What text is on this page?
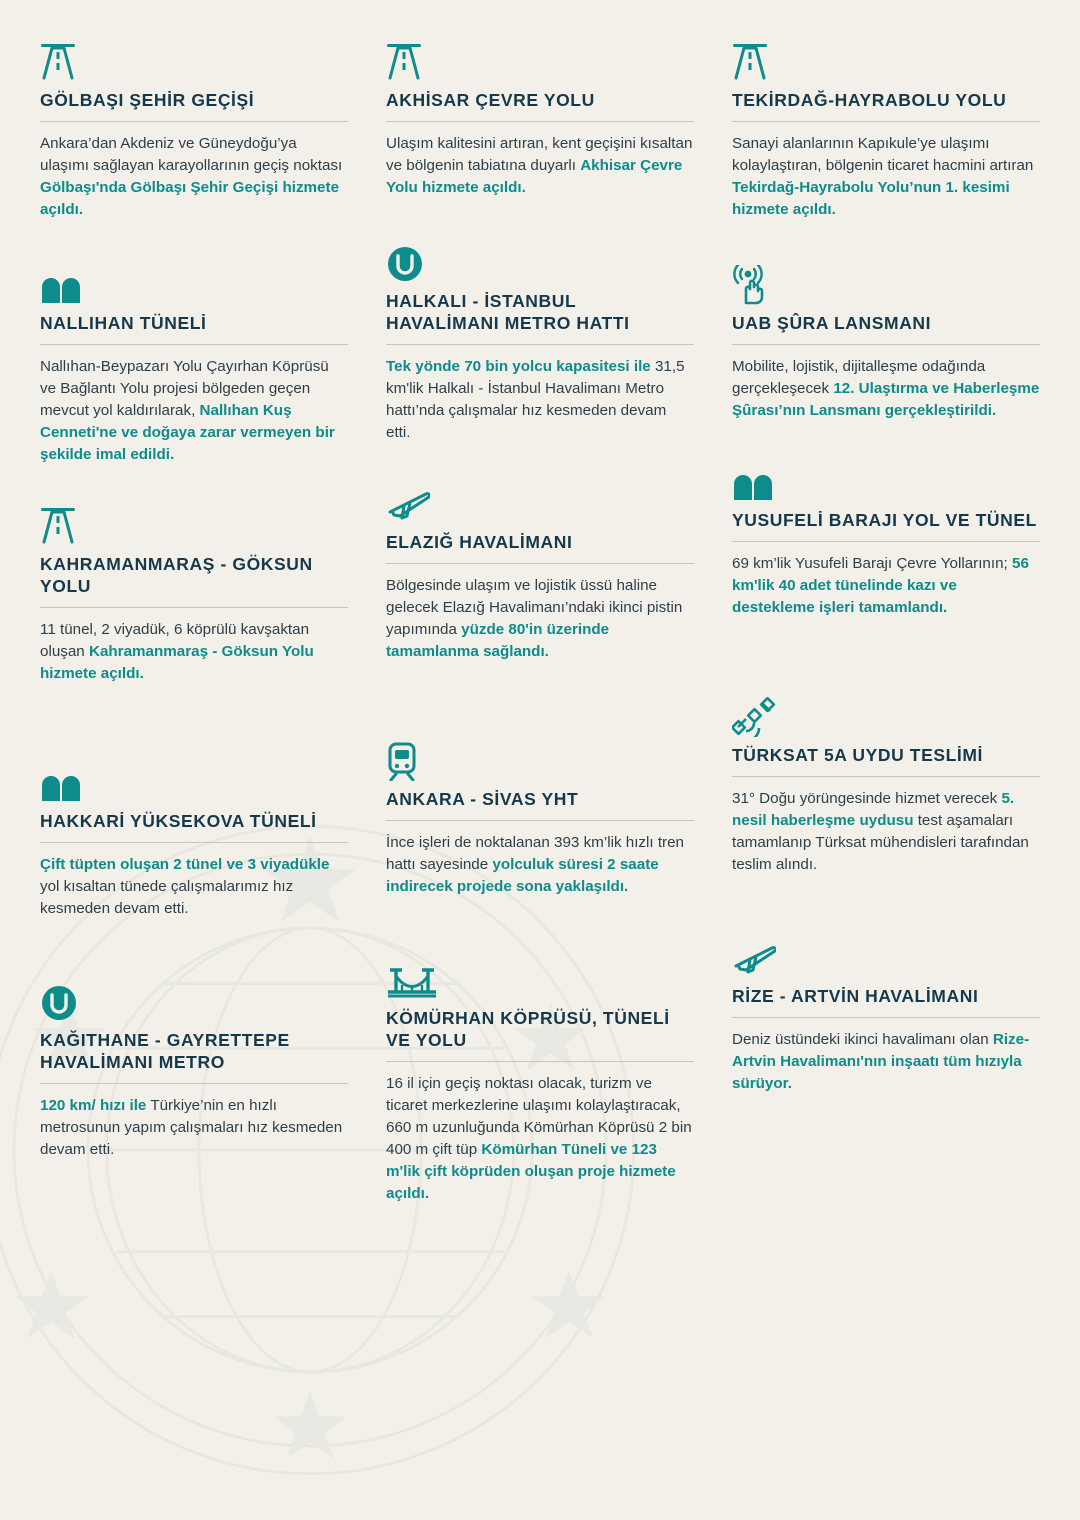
GÖLBAŞI ŞEHİR GEÇİŞİ
Ankara’dan Akdeniz ve Güneydoğu’ya ulaşımı sağlayan karayollarının geçiş noktası Gölbaşı'nda Gölbaşı Şehir Geçişi hizmete açıldı.
NALLIHAN TÜNELİ
Nallıhan-Beypazarı Yolu Çayırhan Köprüsü ve Bağlantı Yolu projesi bölgeden geçen mevcut yol kaldırılarak, Nallıhan Kuş Cenneti'ne ve doğaya zarar vermeyen bir şekilde imal edildi.
KAHRAMANMARAŞ - GÖKSUN YOLU
11 tünel, 2 viyadük, 6 köprülü kavşaktan oluşan Kahramanmaraş - Göksun Yolu hizmete açıldı.
HAKKARİ YÜKSEKOVA TÜNELİ
Çift tüpten oluşan 2 tünel ve 3 viyadükle yol kısaltan tünede çalışmalarımız hız kesmeden devam etti.
KAĞITHANE - GAYRETTEPE HAVALİMANI METRO
120 km/ hızı ile Türkiye’nin en hızlı metrosunun yapım çalışmaları hız kesmeden devam etti.
AKHİSAR ÇEVRE YOLU
Ulaşım kalitesini artıran, kent geçişini kısaltan ve bölgenin tabiatına duyarlı Akhisar Çevre Yolu hizmete açıldı.
HALKALI - İSTANBUL HAVALİMANI METRO HATTI
Tek yönde 70 bin yolcu kapasitesi ile 31,5 km'lik Halkalı - İstanbul Havalimanı Metro hattı’nda çalışmalar hız kesmeden devam etti.
ELAZIĞ HAVALİMANI
Bölgesinde ulaşım ve lojistik üssü haline gelecek Elazığ Havalimanı’ndaki ikinci pistin yapımında yüzde 80'in üzerinde tamamlanma sağlandı.
ANKARA - SİVAS YHT
İnce işleri de noktalanan 393 km’lik hızlı tren hattı sayesinde yolculuk süresi 2 saate indirecek projede sona yaklaşıldı.
KÖMÜRHAN KÖPRÜSÜ, TÜNELİ VE YOLU
16 il için geçiş noktası olacak, turizm ve ticaret merkezlerine ulaşımı kolaylaştıracak, 660 m uzunluğunda Kömürhan Köprüsü 2 bin 400 m çift tüp Kömürhan Tüneli ve 123 m'lik çift köprüden oluşan proje hizmete açıldı.
TEKİRDAĞ-HAYRABOLU YOLU
Sanayi alanlarının Kapıkule’ye ulaşımı kolaylaştıran, bölgenin ticaret hacmini artıran Tekirdağ-Hayrabolu Yolu’nun 1. kesimi hizmete açıldı.
UAB ŞÛRA LANSMANI
Mobilite, lojistik, dijitalleşme odağında gerçekleşecek 12. Ulaştırma ve Haberleşme Şûrası’nın Lansmanı gerçekleştirildi.
YUSUFELİ BARAJI YOL VE TÜNEL
69 km’lik Yusufeli Barajı Çevre Yollarının; 56 km'lik 40 adet tünelinde kazı ve destekleme işleri tamamlandı.
TÜRKSAT 5A UYDU TESLİMİ
31° Doğu yörüngesinde hizmet verecek 5. nesil haberleşme uydusu test aşamaları tamamlanıp Türksat mühendisleri tarafından teslim alındı.
RİZE - ARTVİN HAVALİMANI
Deniz üstündeki ikinci havalimanı olan Rize-Artvin Havalimanı'nın inşaatı tüm hızıyla sürüyor.
